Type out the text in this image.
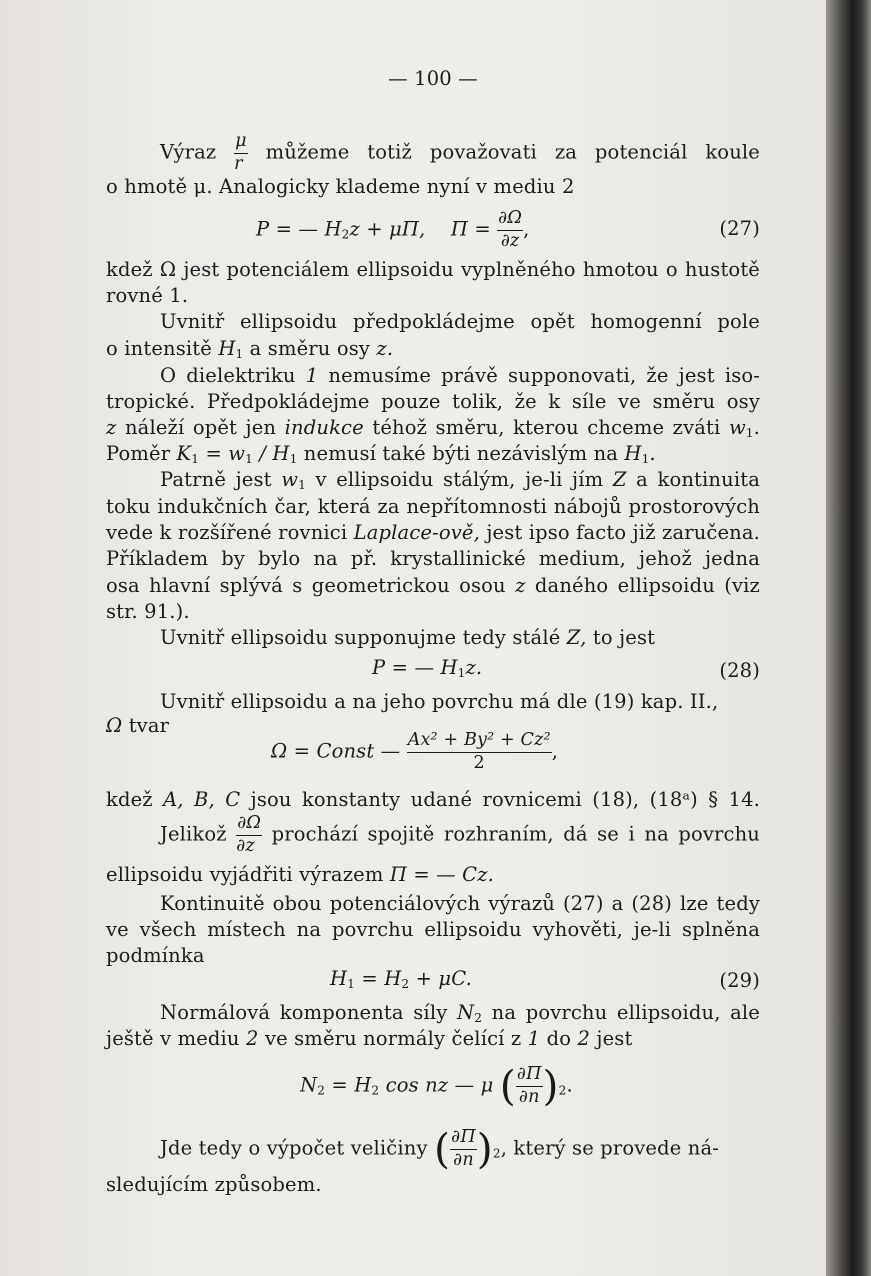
— 100 —
Výraz $\frac{\mu}{r}$ můžeme totiž považovati za potenciál koule
o hmotě μ. Analogicky klademe nyní v mediu 2
P = — $H_2z + \mu\Pi$, $\Pi = \frac{\partial\Omega}{\partial z}$ ,	(27)
kdež Ω jest potenciálem ellipsoidu vyplněného hmotou o hustotě
rovné 1.
Uvnitř ellipsoidu předpokládejme opět homogenní pole
o intensitě $H_1$ a směru osy z.
O dielektriku 1 nemusíme právě supponovati, že jest iso-
tropické. Předpokládejme pouze tolik, že k síle ve směru osy
z náleží opět jen indukce téhož směru, kterou chceme zváti $w_1$.
Poměr $K_1 = w_1 / H_1$ nemusí také býti nezávislým na $H_1$.
Patrně jest $w_1$ v ellipsoidu stálým, je-li jím Z a kontinuita
toku indukčních čar, která za nepřítomnosti nábojů prostorových
vede k rozšířené rovnici Laplace-ově, jest ipso facto již zaručena.
Příkladem by bylo na př. krystallinické medium, jehož jedna
osa hlavní splývá s geometrickou osou z daného ellipsoidu (viz
str. 91.).
Uvnitř ellipsoidu supponujme tedy stálé Z, to jest
P = — $H_1z$.	(28)
Uvnitř ellipsoidu a na jeho povrchu má dle (19) kap. II.,
Ω tvar
Ω = Const — $\frac{\text{Ax² + By² + Cz²}}{2}$ ,
kdež A, B, C jsou konstanty udané rovnicemi (18), (18ᵃ) § 14.
Jelikož $\frac{\partial\Omega}{\partial z}$ prochází spojitě rozhraním, dá se i na povrchu
ellipsoidu vyjádřiti výrazem Π = — Cz.
Kontinuitě obou potenciálových výrazů (27) a (28) lze tedy
ve všech místech na povrchu ellipsoidu vyhověti, je-li splněna
podmínka
$H_1 = H_2 + \mu C$.	(29)
Normálová komponenta síly $N_2$ na povrchu ellipsoidu, ale
ještě v mediu 2 ve směru normály čelící z 1 do 2 jest
$N_2 = H_2$ cos nz — μ ( $\frac{\partial\Pi}{\partial n} )_2$.
Jde tedy o výpočet veličiny ( $\frac{\partial\Pi}{\partial n} )_2$, který se provede ná-
sledujícím způsobem.
